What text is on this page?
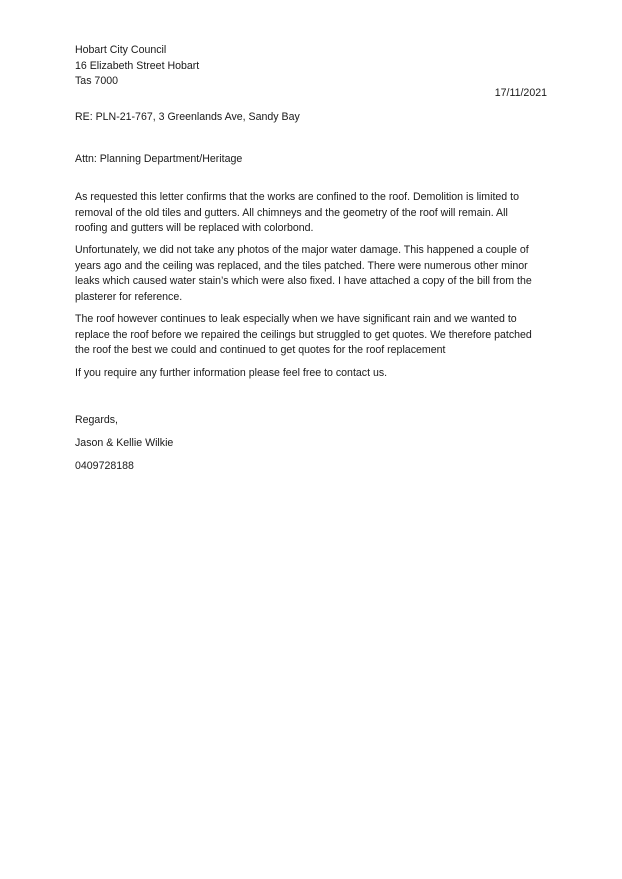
Hobart City Council
16 Elizabeth Street Hobart
Tas 7000
17/11/2021
RE: PLN-21-767, 3 Greenlands Ave, Sandy Bay
Attn: Planning Department/Heritage

As requested this letter confirms that the works are confined to the roof. Demolition is limited to removal of the old tiles and gutters. All chimneys and the geometry of the roof will remain. All roofing and gutters will be replaced with colorbond.

Unfortunately, we did not take any photos of the major water damage. This happened a couple of years ago and the ceiling was replaced, and the tiles patched. There were numerous other minor leaks which caused water stain’s which were also fixed. I have attached a copy of the bill from the plasterer for reference.

The roof however continues to leak especially when we have significant rain and we wanted to replace the roof before we repaired the ceilings but struggled to get quotes. We therefore patched the roof the best we could and continued to get quotes for the roof replacement

If you require any further information please feel free to contact us.

Regards,
Jason & Kellie Wilkie
0409728188
